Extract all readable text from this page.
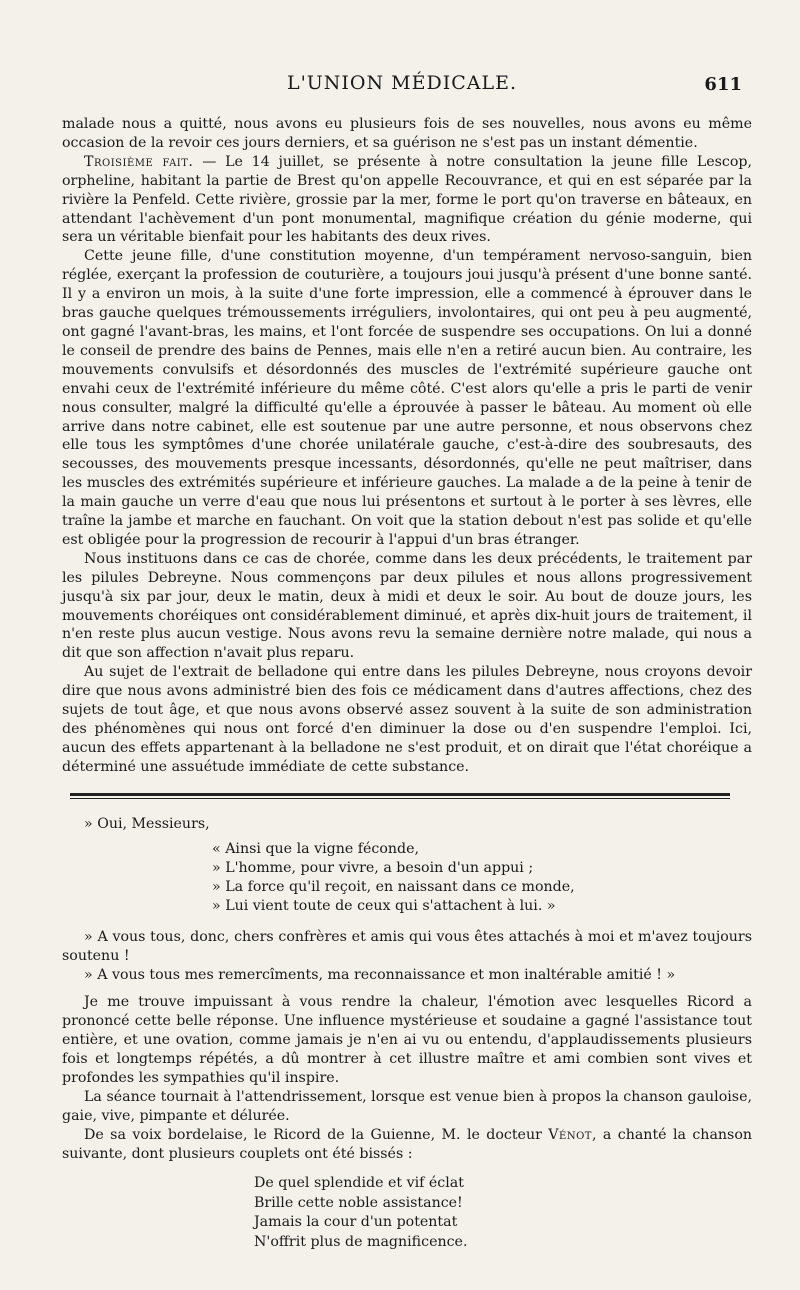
L'UNION MÉDICALE.	611

malade nous a quitté, nous avons eu plusieurs fois de ses nouvelles, nous avons eu même occasion de la revoir ces jours derniers, et sa guérison ne s'est pas un instant démentie.

Troisième fait. — Le 14 juillet, se présente à notre consultation la jeune fille Lescop, orpheline, habitant la partie de Brest qu'on appelle Recouvrance, et qui en est séparée par la rivière la Penfeld. Cette rivière, grossie par la mer, forme le port qu'on traverse en bâteaux, en attendant l'achèvement d'un pont monumental, magnifique création du génie moderne, qui sera un véritable bienfait pour les habitants des deux rives.

Cette jeune fille, d'une constitution moyenne, d'un tempérament nervoso-sanguin, bien réglée, exerçant la profession de couturière, a toujours joui jusqu'à présent d'une bonne santé. Il y a environ un mois, à la suite d'une forte impression, elle a commencé à éprouver dans le bras gauche quelques trémoussements irréguliers, involontaires, qui ont peu à peu augmenté, ont gagné l'avant-bras, les mains, et l'ont forcée de suspendre ses occupations. On lui a donné le conseil de prendre des bains de Pennes, mais elle n'en a retiré aucun bien. Au contraire, les mouvements convulsifs et désordonnés des muscles de l'extrémité supérieure gauche ont envahi ceux de l'extrémité inférieure du même côté. C'est alors qu'elle a pris le parti de venir nous consulter, malgré la difficulté qu'elle a éprouvée à passer le bâteau. Au moment où elle arrive dans notre cabinet, elle est soutenue par une autre personne, et nous observons chez elle tous les symptômes d'une chorée unilatérale gauche, c'est-à-dire des soubresauts, des secousses, des mouvements presque incessants, désordonnés, qu'elle ne peut maîtriser, dans les muscles des extrémités supérieure et inférieure gauches. La malade a de la peine à tenir de la main gauche un verre d'eau que nous lui présentons et surtout à le porter à ses lèvres, elle traîne la jambe et marche en fauchant. On voit que la station debout n'est pas solide et qu'elle est obligée pour la progression de recourir à l'appui d'un bras étranger.

Nous instituons dans ce cas de chorée, comme dans les deux précédents, le traitement par les pilules Debreyne. Nous commençons par deux pilules et nous allons progressivement jusqu'à six par jour, deux le matin, deux à midi et deux le soir. Au bout de douze jours, les mouvements choréiques ont considérablement diminué, et après dix-huit jours de traitement, il n'en reste plus aucun vestige. Nous avons revu la semaine dernière notre malade, qui nous a dit que son affection n'avait plus reparu.

Au sujet de l'extrait de belladone qui entre dans les pilules Debreyne, nous croyons devoir dire que nous avons administré bien des fois ce médicament dans d'autres affections, chez des sujets de tout âge, et que nous avons observé assez souvent à la suite de son administration des phénomènes qui nous ont forcé d'en diminuer la dose ou d'en suspendre l'emploi. Ici, aucun des effets appartenant à la belladone ne s'est produit, et on dirait que l'état choréique a déterminé une assuétude immédiate de cette substance.

» Oui, Messieurs,

« Ainsi que la vigne féconde,
» L'homme, pour vivre, a besoin d'un appui ;
» La force qu'il reçoit, en naissant dans ce monde,
» Lui vient toute de ceux qui s'attachent à lui. »

» A vous tous, donc, chers confrères et amis qui vous êtes attachés à moi et m'avez toujours soutenu !

» A vous tous mes remercîments, ma reconnaissance et mon inaltérable amitié ! »

Je me trouve impuissant à vous rendre la chaleur, l'émotion avec lesquelles Ricord a prononcé cette belle réponse. Une influence mystérieuse et soudaine a gagné l'assistance tout entière, et une ovation, comme jamais je n'en ai vu ou entendu, d'applaudissements plusieurs fois et longtemps répétés, a dû montrer à cet illustre maître et ami combien sont vives et profondes les sympathies qu'il inspire.

La séance tournait à l'attendrissement, lorsque est venue bien à propos la chanson gauloise, gaie, vive, pimpante et délurée.

De sa voix bordelaise, le Ricord de la Guienne, M. le docteur Vénot, a chanté la chanson suivante, dont plusieurs couplets ont été bissés :

De quel splendide et vif éclat
Brille cette noble assistance!
Jamais la cour d'un potentat
N'offrit plus de magnificence.
